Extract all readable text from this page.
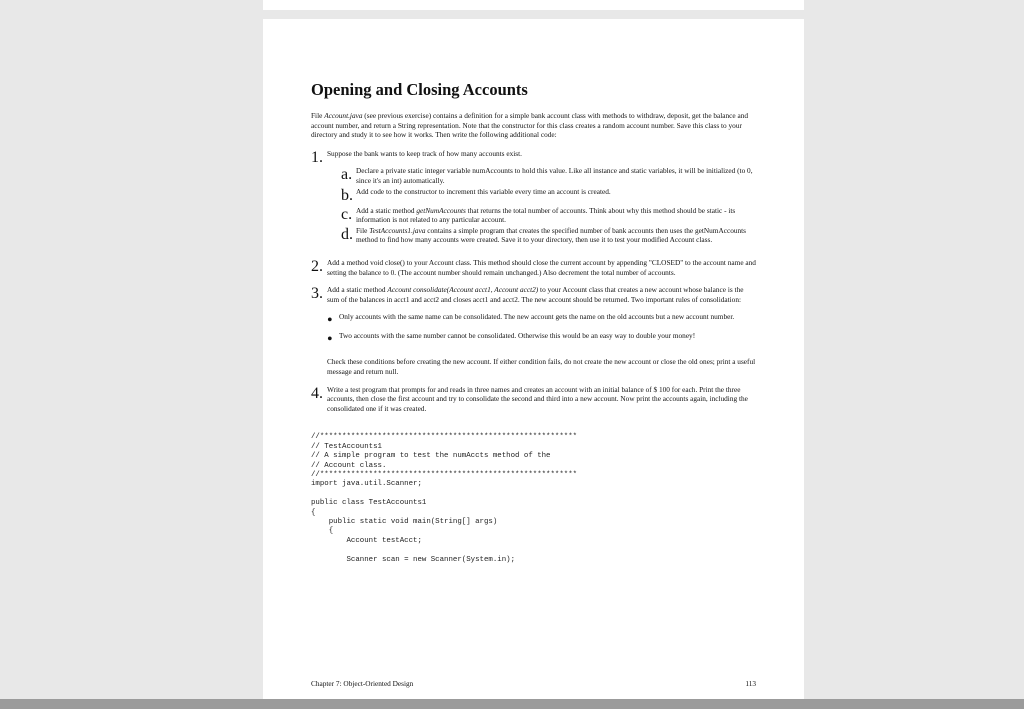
Opening and Closing Accounts

File Account.java (see previous exercise) contains a definition for a simple bank account class with methods to withdraw, deposit, get the balance and account number, and return a String representation. Note that the constructor for this class creates a random account number. Save this class to your directory and study it to see how it works. Then write the following additional code:

1. Suppose the bank wants to keep track of how many accounts exist.

a. Declare a private static integer variable numAccounts to hold this value. Like all instance and static variables, it will be initialized (to 0, since it's an int) automatically.

b. Add code to the constructor to increment this variable every time an account is created.

c. Add a static method getNumAccounts that returns the total number of accounts. Think about why this method should be static - its information is not related to any particular account.

d. File TestAccounts1.java contains a simple program that creates the specified number of bank accounts then uses the getNumAccounts method to find how many accounts were created. Save it to your directory, then use it to test your modified Account class.

2. Add a method void close() to your Account class. This method should close the current account by appending "CLOSED" to the account name and setting the balance to 0. (The account number should remain unchanged.) Also decrement the total number of accounts.

3. Add a static method Account consolidate(Account acct1, Account acct2) to your Account class that creates a new account whose balance is the sum of the balances in acct1 and acct2 and closes acct1 and acct2. The new account should be returned. Two important rules of consolidation:

• Only accounts with the same name can be consolidated. The new account gets the name on the old accounts but a new account number.

• Two accounts with the same number cannot be consolidated. Otherwise this would be an easy way to double your money!

Check these conditions before creating the new account. If either condition fails, do not create the new account or close the old ones; print a useful message and return null.

4. Write a test program that prompts for and reads in three names and creates an account with an initial balance of $ 100 for each. Print the three accounts, then close the first account and try to consolidate the second and third into a new account. Now print the accounts again, including the consolidated one if it was created.

//**********************************************************
// TestAccounts1
// A simple program to test the numAccts method of the
// Account class.
//**********************************************************
import java.util.Scanner;

public class TestAccounts1
{
public static void main(String[] args)
{
Account testAcct;

Scanner scan = new Scanner(System.in);
Chapter 7: Object-Oriented Design	113
